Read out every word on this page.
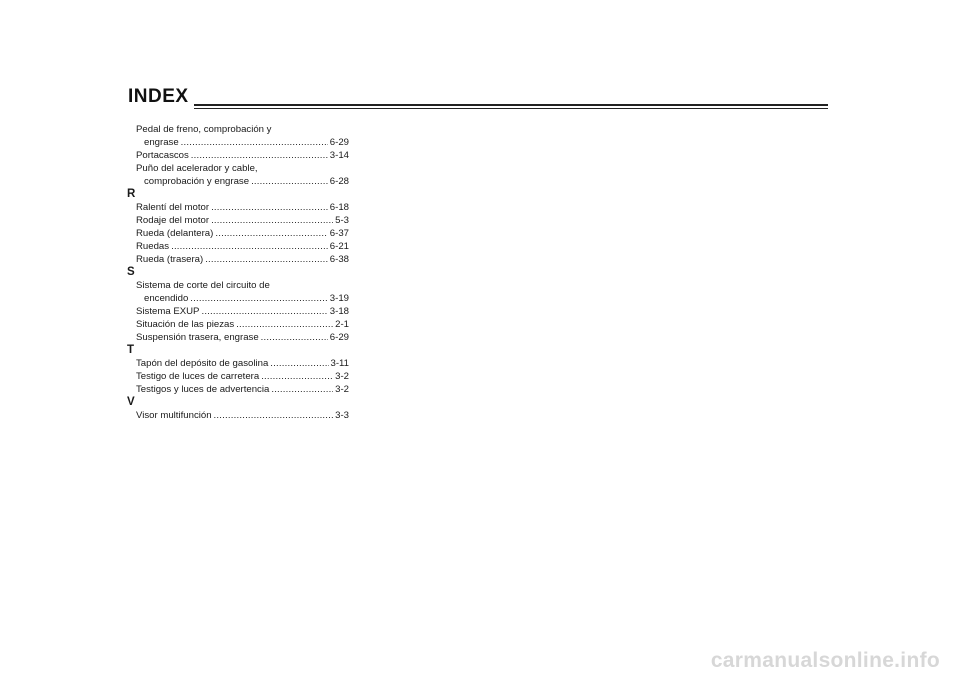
INDEX
Pedal de freno, comprobación y
engrase .....	6-29
Portacascos .....	3-14
Puño del acelerador y cable,
comprobación y engrase .....	6-28
R
Ralentí del motor .....	6-18
Rodaje del motor .....	5-3
Rueda (delantera) .....	6-37
Ruedas .....	6-21
Rueda (trasera) .....	6-38
S
Sistema de corte del circuito de
encendido .....	3-19
Sistema EXUP .....	3-18
Situación de las piezas .....	2-1
Suspensión trasera, engrase .....	6-29
T
Tapón del depósito de gasolina .....	3-11
Testigo de luces de carretera .....	3-2
Testigos y luces de advertencia .....	3-2
V
Visor multifunción .....	3-3
carmanualsonline.info
